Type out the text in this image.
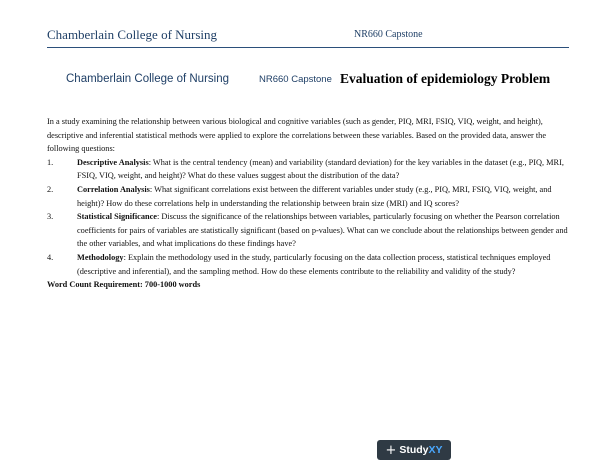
Chamberlain College of Nursing	NR660 Capstone
Chamberlain College of Nursing	NR660 Capstone Evaluation of epidemiology Problem

In a study examining the relationship between various biological and cognitive variables (such as gender, PIQ, MRI, FSIQ, VIQ, weight, and height), descriptive and inferential statistical methods were applied to explore the correlations between these variables. Based on the provided data, answer the following questions:

1.	Descriptive Analysis: What is the central tendency (mean) and variability (standard deviation) for the key variables in the dataset (e.g., PIQ, MRI, FSIQ, VIQ, weight, and height)? What do these values suggest about the distribution of the data?

2.	Correlation Analysis: What significant correlations exist between the different variables under study (e.g., PIQ, MRI, FSIQ, VIQ, weight, and height)? How do these correlations help in understanding the relationship between brain size (MRI) and IQ scores?

3.	Statistical Significance: Discuss the significance of the relationships between variables, particularly focusing on whether the Pearson correlation coefficients for pairs of variables are statistically significant (based on p-values). What can we conclude about the relationships between gender and the other variables, and what implications do these findings have?

4.	Methodology: Explain the methodology used in the study, particularly focusing on the data collection process, statistical techniques employed (descriptive and inferential), and the sampling method. How do these elements contribute to the reliability and validity of the study?

Word Count Requirement: 700-1000 words

+ StudyXY
